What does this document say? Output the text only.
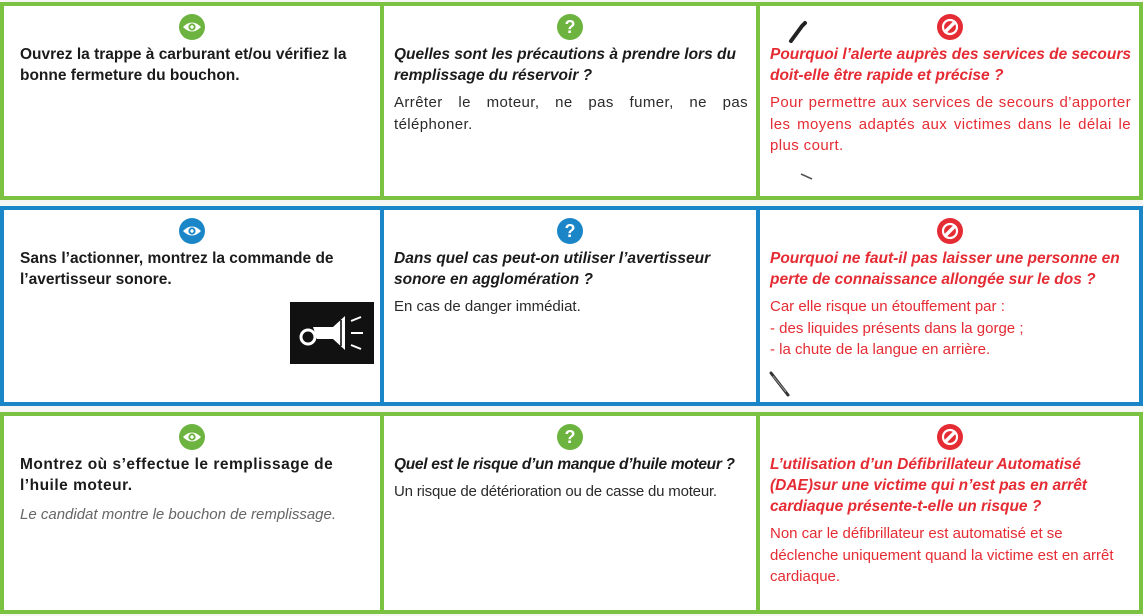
Ouvrez la trappe à carburant et/ou vérifiez la bonne fermeture du bouchon.

?

Quelles sont les précautions à prendre lors du remplissage du réservoir ?

Arrêter le moteur, ne pas fumer, ne pas téléphoner.

Pourquoi l’alerte auprès des services de secours doit-elle être rapide et précise ?

Pour permettre aux services de secours d’apporter les moyens adaptés aux victimes dans le délai le plus court.

Sans l’actionner, montrez la commande de l’avertisseur sonore.

?

Dans quel cas peut-on utiliser l’avertisseur sonore en agglomération ?

En cas de danger immédiat.

Pourquoi ne faut-il pas laisser une personne en perte de connaissance allongée sur le dos ?

Car elle risque un étouffement par :
- des liquides présents dans la gorge ;
- la chute de la langue en arrière.

Montrez où s’effectue le remplissage de l’huile moteur.

Le candidat montre le bouchon de remplissage.

?

Quel est le risque d’un manque d’huile moteur ?

Un risque de détérioration ou de casse du moteur.

L’utilisation d’un Défibrillateur Automatisé (DAE)sur une victime qui n’est pas en arrêt cardiaque présente-t-elle un risque ?

Non car le défibrillateur est automatisé et se déclenche uniquement quand la victime est en arrêt cardiaque.
